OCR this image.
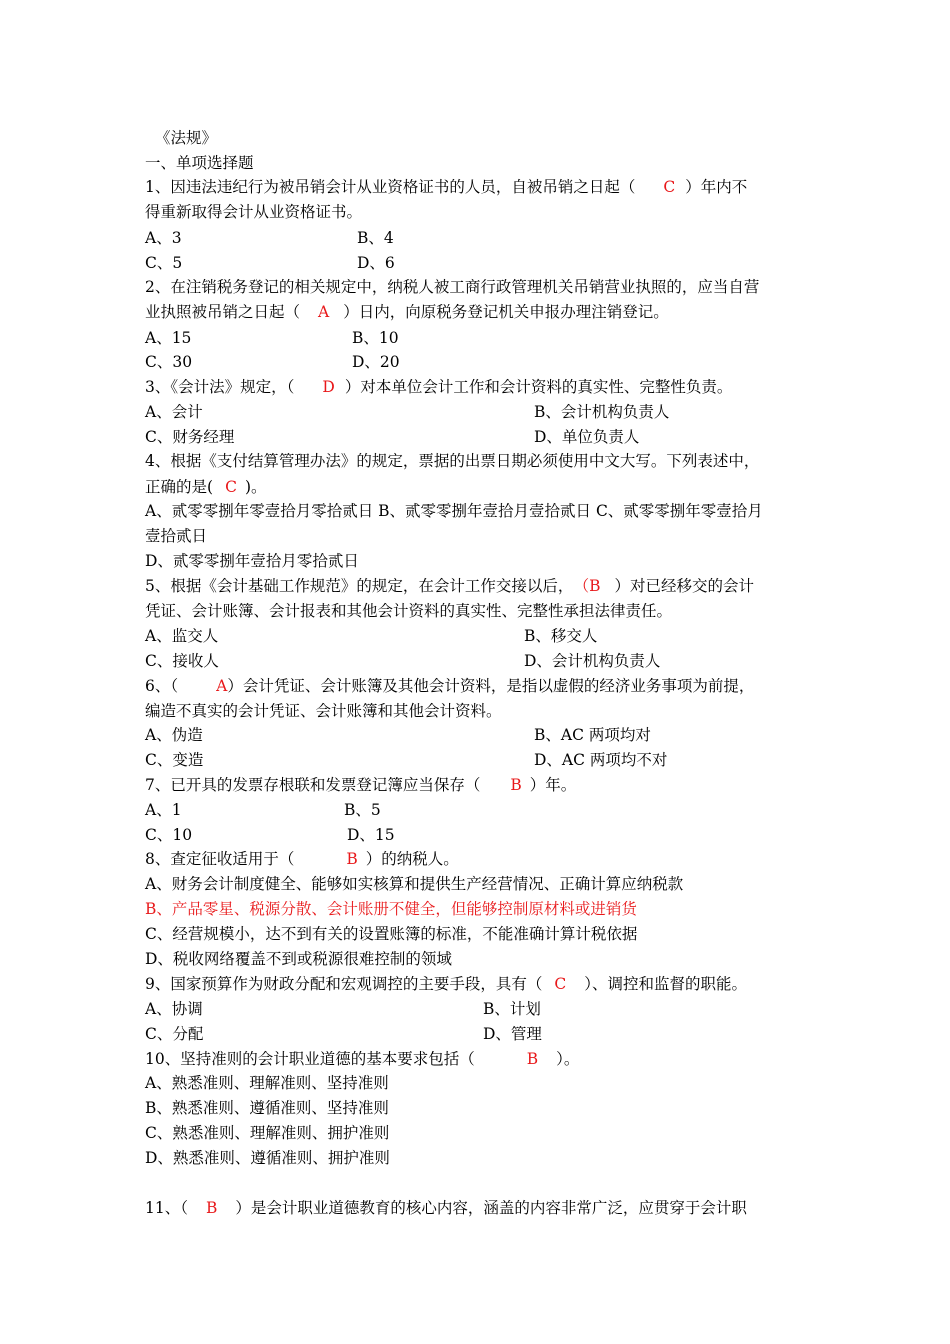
《法规》
一、单项选择题
1、因违法违纪行为被吊销会计从业资格证书的人员，自被吊销之日起（ C ）年内不
得重新取得会计从业资格证书。
A、3	B、4
C、5	D、6
2、在注销税务登记的相关规定中，纳税人被工商行政管理机关吊销营业执照的，应当自营
业执照被吊销之日起（ A ）日内，向原税务登记机关申报办理注销登记。
A、15	B、10
C、30	D、20
3、《会计法》规定，（ D ）对本单位会计工作和会计资料的真实性、完整性负责。
A、会计	B、会计机构负责人
C、财务经理	D、单位负责人
4、根据《支付结算管理办法》的规定，票据的出票日期必须使用中文大写。下列表述中，
正确的是( C )。
A、贰零零捌年零壹拾月零拾贰日 B、贰零零捌年壹拾月壹拾贰日 C、贰零零捌年零壹拾月
壹拾贰日
D、贰零零捌年壹拾月零拾贰日
5、根据《会计基础工作规范》的规定，在会计工作交接以后， （B ）对已经移交的会计
凭证、会计账簿、会计报表和其他会计资料的真实性、完整性承担法律责任。
A、监交人	B、移交人
C、接收人	D、会计机构负责人
6、（ A）会计凭证、会计账簿及其他会计资料，是指以虚假的经济业务事项为前提，
编造不真实的会计凭证、会计账簿和其他会计资料。
A、伪造	B、AC 两项均对
C、变造	D、AC 两项均不对
7、已开具的发票存根联和发票登记簿应当保存（ B ）年。
A、1	B、5
C、10	D、15
8、查定征收适用于（	B ）的纳税人。
A、财务会计制度健全、能够如实核算和提供生产经营情况、正确计算应纳税款
B、产品零星、税源分散、会计账册不健全，但能够控制原材料或进销货
C、经营规模小，达不到有关的设置账簿的标准，不能准确计算计税依据
D、税收网络覆盖不到或税源很难控制的领域
9、国家预算作为财政分配和宏观调控的主要手段，具有（ C ）、调控和监督的职能。
A、协调	B、计划
C、分配	D、管理
10、坚持准则的会计职业道德的基本要求包括（	B ）。
A、熟悉准则、理解准则、坚持准则
B、熟悉准则、遵循准则、坚持准则
C、熟悉准则、理解准则、拥护准则
D、熟悉准则、遵循准则、拥护准则
11、（ B ）是会计职业道德教育的核心内容，涵盖的内容非常广泛，应贯穿于会计职
